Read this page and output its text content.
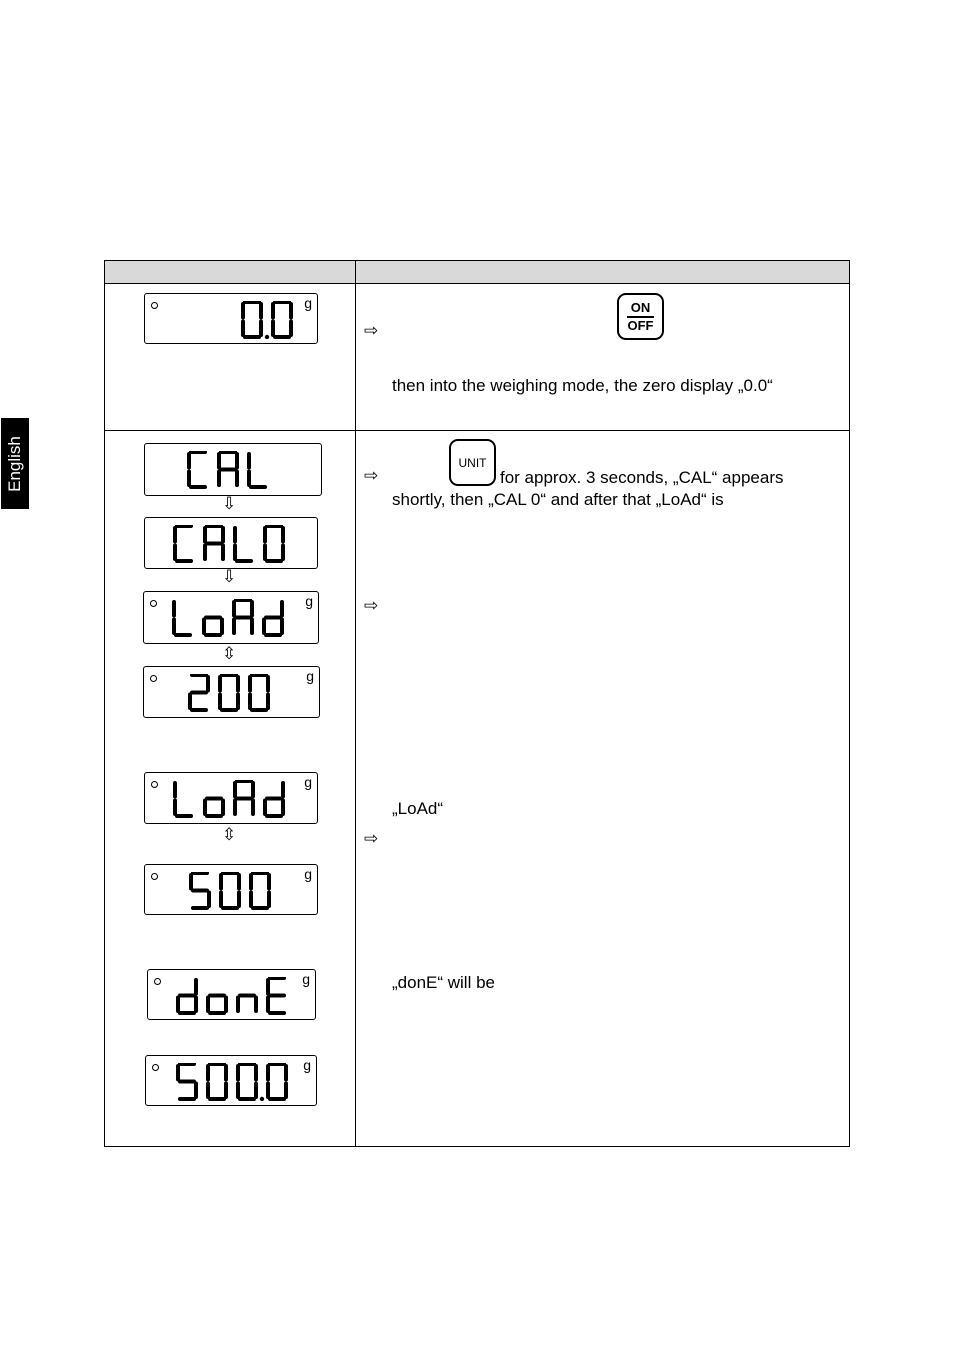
English
g
⇩
⇩
g
⇳
g
g
⇳
g
g
g
⇨
ON
OFF
then into the weighing mode, the zero display „0.0“
⇨
UNIT
for approx. 3 seconds, „CAL“ appears
shortly, then „CAL 0“ and after that „LoAd“ is
⇨
„LoAd“
⇨
„donE“ will be
